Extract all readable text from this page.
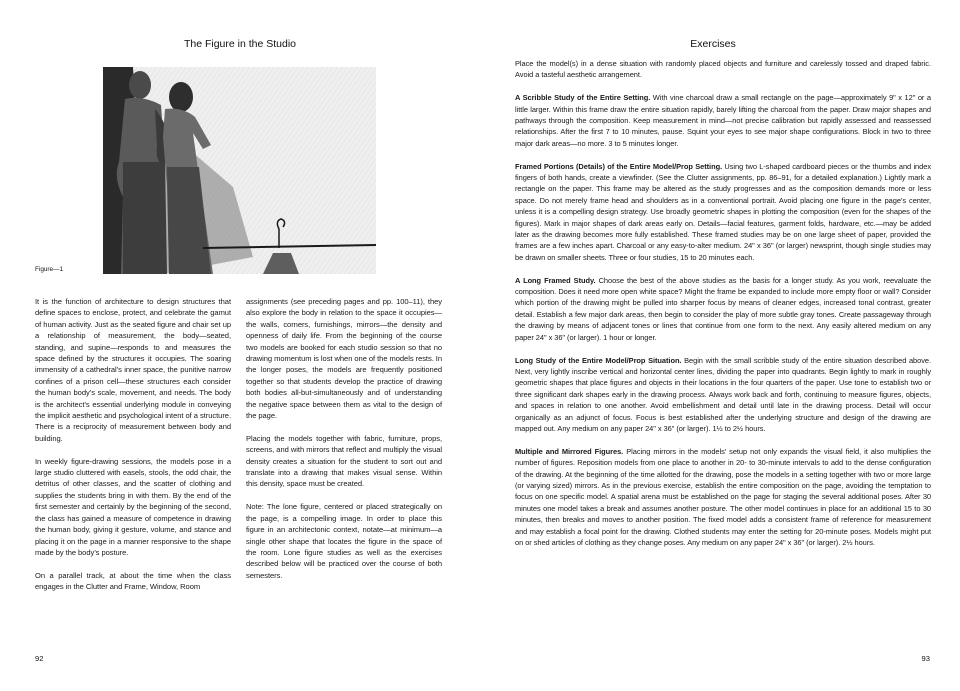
The Figure in the Studio
Figure—1

It is the function of architecture to design structures that define spaces to enclose, protect, and celebrate the gamut of human activity. Just as the seated figure and chair set up a relationship of measurement, the body—seated, standing, and supine—responds to and measures the space defined by the structures it occupies. The soaring immensity of a cathedral’s inner space, the punitive narrow confines of a prison cell—these structures each consider the human body’s scale, movement, and needs. The body is the architect’s essential underlying module in conveying the implicit aesthetic and psychological intent of a structure. There is a reciprocity of measurement between body and building.

In weekly figure-drawing sessions, the models pose in a large studio cluttered with easels, stools, the odd chair, the detritus of other classes, and the scatter of clothing and supplies the students bring in with them. By the end of the first semester and certainly by the beginning of the second, the class has gained a measure of competence in drawing the human body, giving it gesture, volume, and stance and placing it on the page in a manner responsive to the shape made by the body’s posture.

On a parallel track, at about the time when the class engages in the Clutter and Frame, Window, Room

assignments (see preceding pages and pp. 100–11), they also explore the body in relation to the space it occupies—the walls, corners, furnishings, mirrors—the density and openness of daily life. From the beginning of the course two models are booked for each studio session so that no drawing momentum is lost when one of the models rests. In the longer poses, the models are frequently positioned together so that students develop the practice of drawing both bodies all-but-simultaneously and of understanding the negative space between them as vital to the design of the page.

Placing the models together with fabric, furniture, props, screens, and with mirrors that reflect and multiply the visual density creates a situation for the student to sort out and translate into a drawing that makes visual sense. Within this density, space must be created.

Note: The lone figure, centered or placed strategically on the page, is a compelling image. In order to place this figure in an architectonic context, notate—at minimum—a single other shape that locates the figure in the space of the room. Lone figure studies as well as the exercises described below will be practiced over the course of both semesters.

92
Exercises

Place the model(s) in a dense situation with randomly placed objects and furniture and carelessly tossed and draped fabric. Avoid a tasteful aesthetic arrangement.

A Scribble Study of the Entire Setting. With vine charcoal draw a small rectangle on the page—approximately 9" x 12" or a little larger. Within this frame draw the entire situation rapidly, barely lifting the charcoal from the paper. Draw major shapes and pathways through the composition. Keep measurement in mind—not precise calibration but rapidly assessed and reassessed relationships. After the first 7 to 10 minutes, pause. Squint your eyes to see major shape configurations. Block in two to three major dark areas—no more. 3 to 5 minutes longer.

Framed Portions (Details) of the Entire Model/Prop Setting. Using two L-shaped cardboard pieces or the thumbs and index fingers of both hands, create a viewfinder. (See the Clutter assignments, pp. 86–91, for a detailed explanation.) Lightly mark a rectangle on the paper. This frame may be altered as the study progresses and as the composition demands more or less space. Do not merely frame head and shoulders as in a conventional portrait. Avoid placing one figure in the page’s center, unless it is a compelling design strategy. Use broadly geometric shapes in plotting the composition (even for the shapes of the figures). Mark in major shapes of dark areas early on. Details—facial features, garment folds, hardware, etc.—may be added later as the drawing becomes more fully established. These framed studies may be on one large sheet of paper, provided the frames are a few inches apart. Charcoal or any easy-to-alter medium. 24" x 36" (or larger) newsprint, though single studies may be drawn on smaller sheets. Three or four studies, 15 to 20 minutes each.

A Long Framed Study. Choose the best of the above studies as the basis for a longer study. As you work, reevaluate the composition. Does it need more open white space? Might the frame be expanded to include more empty floor or wall? Consider which portion of the drawing might be pulled into sharper focus by means of cleaner edges, increased tonal contrast, greater detail. Establish a few major dark areas, then begin to consider the play of more subtle gray tones. Create passageway through the drawing by means of adjacent tones or lines that continue from one form to the next. Any easily altered medium on any paper 24" x 36" (or larger). 1 hour or longer.

Long Study of the Entire Model/Prop Situation. Begin with the small scribble study of the entire situation described above. Next, very lightly inscribe vertical and horizontal center lines, dividing the paper into quadrants. Begin lightly to mark in roughly geometric shapes that place figures and objects in their locations in the four quarters of the paper. Use tone to establish two or three significant dark shapes early in the drawing process. Always work back and forth, continuing to measure figures, objects, and spaces in relation to one another. Avoid embellishment and detail until late in the drawing process. Detail will occur organically as an adjunct of focus. Focus is best established after the underlying structure and design of the drawing are mapped out. Any medium on any paper 24" x 36" (or larger). 1½ to 2½ hours.

Multiple and Mirrored Figures. Placing mirrors in the models’ setup not only expands the visual field, it also multiplies the number of figures. Reposition models from one place to another in 20- to 30-minute intervals to add to the dense configuration of the drawing. At the beginning of the time allotted for the drawing, pose the models in a setting together with two or more large (or varying sized) mirrors. As in the previous exercise, establish the entire composition on the page, avoiding the temptation to focus on one specific model. A spatial arena must be established on the page for staging the several additional poses. After 30 minutes one model takes a break and assumes another posture. The other model continues in place for an additional 15 to 30 minutes, then breaks and moves to another position. The fixed model adds a consistent frame of reference for measurement and may establish a focal point for the drawing. Clothed students may enter the setting for 20-minute poses. Models might put on or shed articles of clothing as they change poses. Any medium on any paper 24" x 36" (or larger). 2½ hours.

93
